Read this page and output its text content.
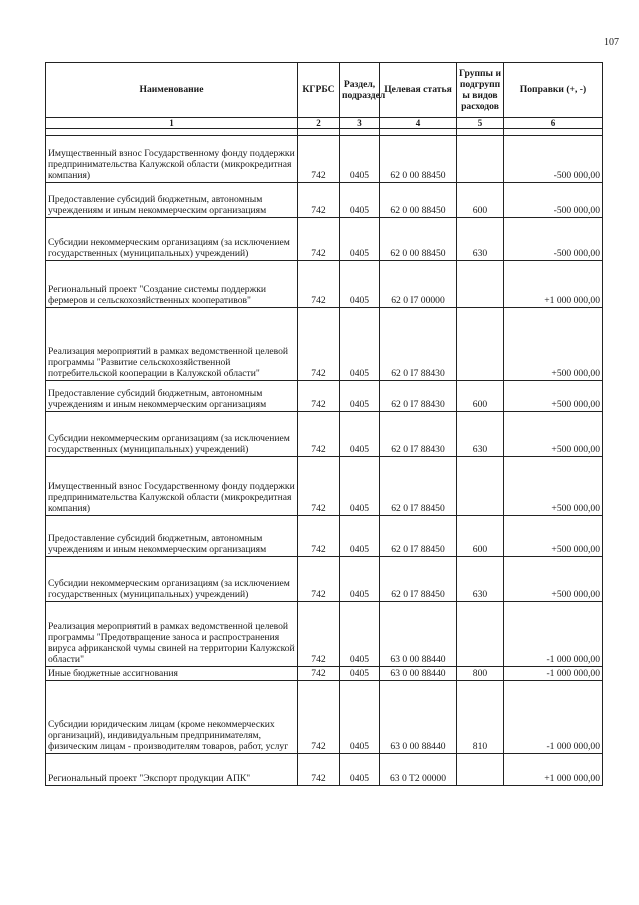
107
Наименование	КГРБС	Раздел, подраздел	Целевая статья	Группы и подгрупп ы видов расходов	Поправки (+, -)
1	2	3	4	5	6

Имущественный взнос Государственному фонду поддержки предпринимательства Калужской области (микрокредитная компания)	742	0405	62 0 00 88450		-500 000,00
Предоставление субсидий бюджетным, автономным учреждениям и иным некоммерческим организациям	742	0405	62 0 00 88450	600	-500 000,00
Субсидии некоммерческим организациям (за исключением государственных (муниципальных) учреждений)	742	0405	62 0 00 88450	630	-500 000,00
Региональный проект "Создание системы поддержки фермеров и сельскохозяйственных кооперативов"	742	0405	62 0 I7 00000		+1 000 000,00
Реализация мероприятий в рамках ведомственной целевой программы "Развитие сельскохозяйственной потребительской кооперации в Калужской области"	742	0405	62 0 I7 88430		+500 000,00
Предоставление субсидий бюджетным, автономным учреждениям и иным некоммерческим организациям	742	0405	62 0 I7 88430	600	+500 000,00
Субсидии некоммерческим организациям (за исключением государственных (муниципальных) учреждений)	742	0405	62 0 I7 88430	630	+500 000,00
Имущественный взнос Государственному фонду поддержки предпринимательства Калужской области (микрокредитная компания)	742	0405	62 0 I7 88450		+500 000,00
Предоставление субсидий бюджетным, автономным учреждениям и иным некоммерческим организациям	742	0405	62 0 I7 88450	600	+500 000,00
Субсидии некоммерческим организациям (за исключением государственных (муниципальных) учреждений)	742	0405	62 0 I7 88450	630	+500 000,00
Реализация мероприятий в рамках ведомственной целевой программы "Предотвращение заноса и распространения вируса африканской чумы свиней на территории Калужской области"	742	0405	63 0 00 88440		-1 000 000,00
Иные бюджетные ассигнования	742	0405	63 0 00 88440	800	-1 000 000,00
Субсидии юридическим лицам (кроме некоммерческих организаций), индивидуальным предпринимателям, физическим лицам - производителям товаров, работ, услуг	742	0405	63 0 00 88440	810	-1 000 000,00
Региональный проект "Экспорт продукции АПК"	742	0405	63 0 T2 00000		+1 000 000,00
